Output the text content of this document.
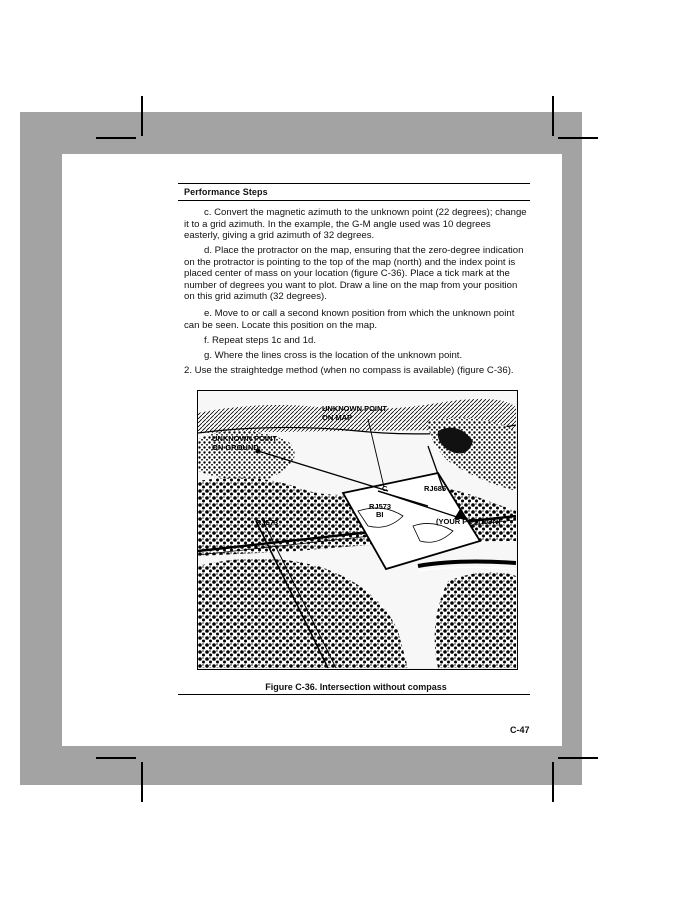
Performance Steps

c. Convert the magnetic azimuth to the unknown point (22 degrees); change it to a grid azimuth. In the example, the G-M angle used was 10 degrees easterly, giving a grid azimuth of 32 degrees.

d. Place the protractor on the map, ensuring that the zero-degree indication on the protractor is pointing to the top of the map (north) and the index point is placed center of mass on your location (figure C-36). Place a tick mark at the number of degrees you want to plot. Draw a line on the map from your position on this grid azimuth (32 degrees).

e. Move to or call a second known position from which the unknown point can be seen. Locate this position on the map.

f. Repeat steps 1c and 1d.

g. Where the lines cross is the location of the unknown point.

2. Use the straightedge method (when no compass is available) (figure C-36).

UNKNOWN POINT
ON MAP
UNKNOWN POINT
ON GROUND
RJ685
C
RJ573
BI
RJ573	(YOUR POSITION)
Figure C-36. Intersection without compass
C-47
